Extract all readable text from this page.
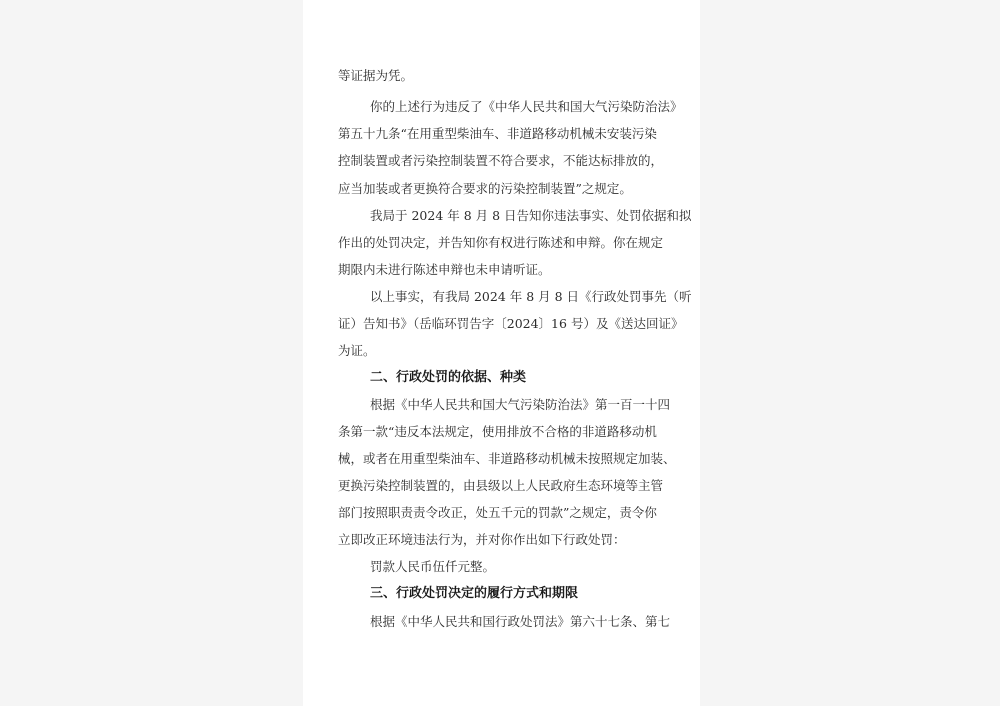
等证据为凭。
你的上述行为违反了《中华人民共和国大气污染防治法》
第五十九条“在用重型柴油车、非道路移动机械未安装污染
控制装置或者污染控制装置不符合要求，不能达标排放的，
应当加装或者更换符合要求的污染控制装置”之规定。
我局于 2024 年 8 月 8 日告知你违法事实、处罚依据和拟
作出的处罚决定，并告知你有权进行陈述和申辩。你在规定
期限内未进行陈述申辩也未申请听证。
以上事实，有我局 2024 年 8 月 8 日《行政处罚事先（听
证）告知书》（岳临环罚告字〔2024〕16 号）及《送达回证》
为证。
二、行政处罚的依据、种类
根据《中华人民共和国大气污染防治法》第一百一十四
条第一款“违反本法规定，使用排放不合格的非道路移动机
械，或者在用重型柴油车、非道路移动机械未按照规定加装、
更换污染控制装置的，由县级以上人民政府生态环境等主管
部门按照职责责令改正，处五千元的罚款”之规定，责令你
立即改正环境违法行为，并对你作出如下行政处罚：
罚款人民币伍仟元整。
三、行政处罚决定的履行方式和期限
根据《中华人民共和国行政处罚法》第六十七条、第七
